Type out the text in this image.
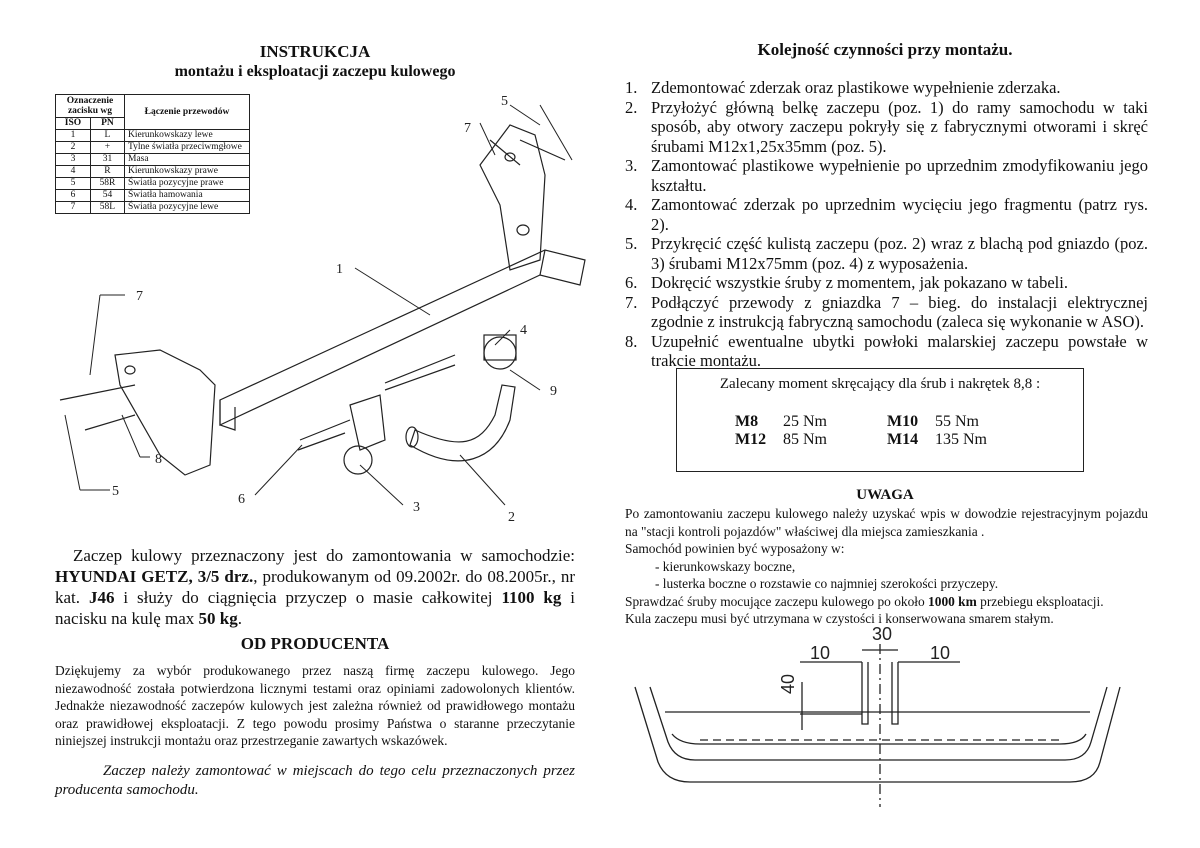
INSTRUKCJA
montażu i eksploatacji zaczepu kulowego
Oznaczenie zacisku wg		Łączenie przewodów
ISO	PN	
1	L	Kierunkowskazy lewe
2	+	Tylne światła przeciwmgłowe
3	31	Masa
4	R	Kierunkowskazy prawe
5	58R	Światła pozycyjne prawe
6	54	Światła hamowania
7	58L	Światła pozycyjne lewe
1
2
3
4
5
5
6
7
7
8
9
Zaczep kulowy przeznaczony jest do zamontowania w samochodzie: HYUNDAI GETZ, 3/5 drz., produkowanym od 09.2002r. do 08.2005r., nr kat. J46 i służy do ciągnięcia przyczep o masie całkowitej 1100 kg i nacisku na kulę max 50 kg.
OD PRODUCENTA
Dziękujemy za wybór produkowanego przez naszą firmę zaczepu kulowego. Jego niezawodność została potwierdzona licznymi testami oraz opiniami zadowolonych klientów. Jednakże niezawodność zaczepów kulowych jest zależna również od prawidłowego montażu oraz prawidłowej eksploatacji. Z tego powodu prosimy Państwa o staranne przeczytanie niniejszej instrukcji montażu oraz przestrzeganie zawartych wskazówek.
Zaczep należy zamontować w miejscach do tego celu przeznaczonych przez producenta samochodu.
Kolejność czynności przy montażu.
1. Zdemontować zderzak oraz plastikowe wypełnienie zderzaka.
2. Przyłożyć główną belkę zaczepu (poz. 1) do ramy samochodu w taki sposób, aby otwory zaczepu pokryły się z fabrycznymi otworami i skręć śrubami M12x1,25x35mm (poz. 5).
3. Zamontować plastikowe wypełnienie po uprzednim zmodyfikowaniu jego kształtu.
4. Zamontować zderzak po uprzednim wycięciu jego fragmentu (patrz rys. 2).
5. Przykręcić część kulistą zaczepu (poz. 2) wraz z blachą pod gniazdo (poz. 3) śrubami M12x75mm (poz. 4) z wyposażenia.
6. Dokręcić wszystkie śruby z momentem, jak pokazano w tabeli.
7. Podłączyć przewody z gniazdka 7 – bieg. do instalacji elektrycznej zgodnie z instrukcją fabryczną samochodu (zaleca się wykonanie w ASO).
8. Uzupełnić ewentualne ubytki powłoki malarskiej zaczepu powstałe w trakcie montażu.
Zalecany moment skręcający dla śrub i nakrętek 8,8 :
M8 25 Nm	M10 55 Nm
M12 85 Nm	M14 135 Nm
UWAGA

Po zamontowaniu zaczepu kulowego należy uzyskać wpis w dowodzie rejestracyjnym pojazdu na "stacji kontroli pojazdów" właściwej dla miejsca zamieszkania .

Samochód powinien być wyposażony w:

- kierunkowskazy boczne,

- lusterka boczne o rozstawie co najmniej szerokości przyczepy.

Sprawdzać śruby mocujące zaczepu kulowego po około 1000 km przebiegu eksploatacji.

Kula zaczepu musi być utrzymana w czystości i konserwowana smarem stałym.

30
10	10
40
